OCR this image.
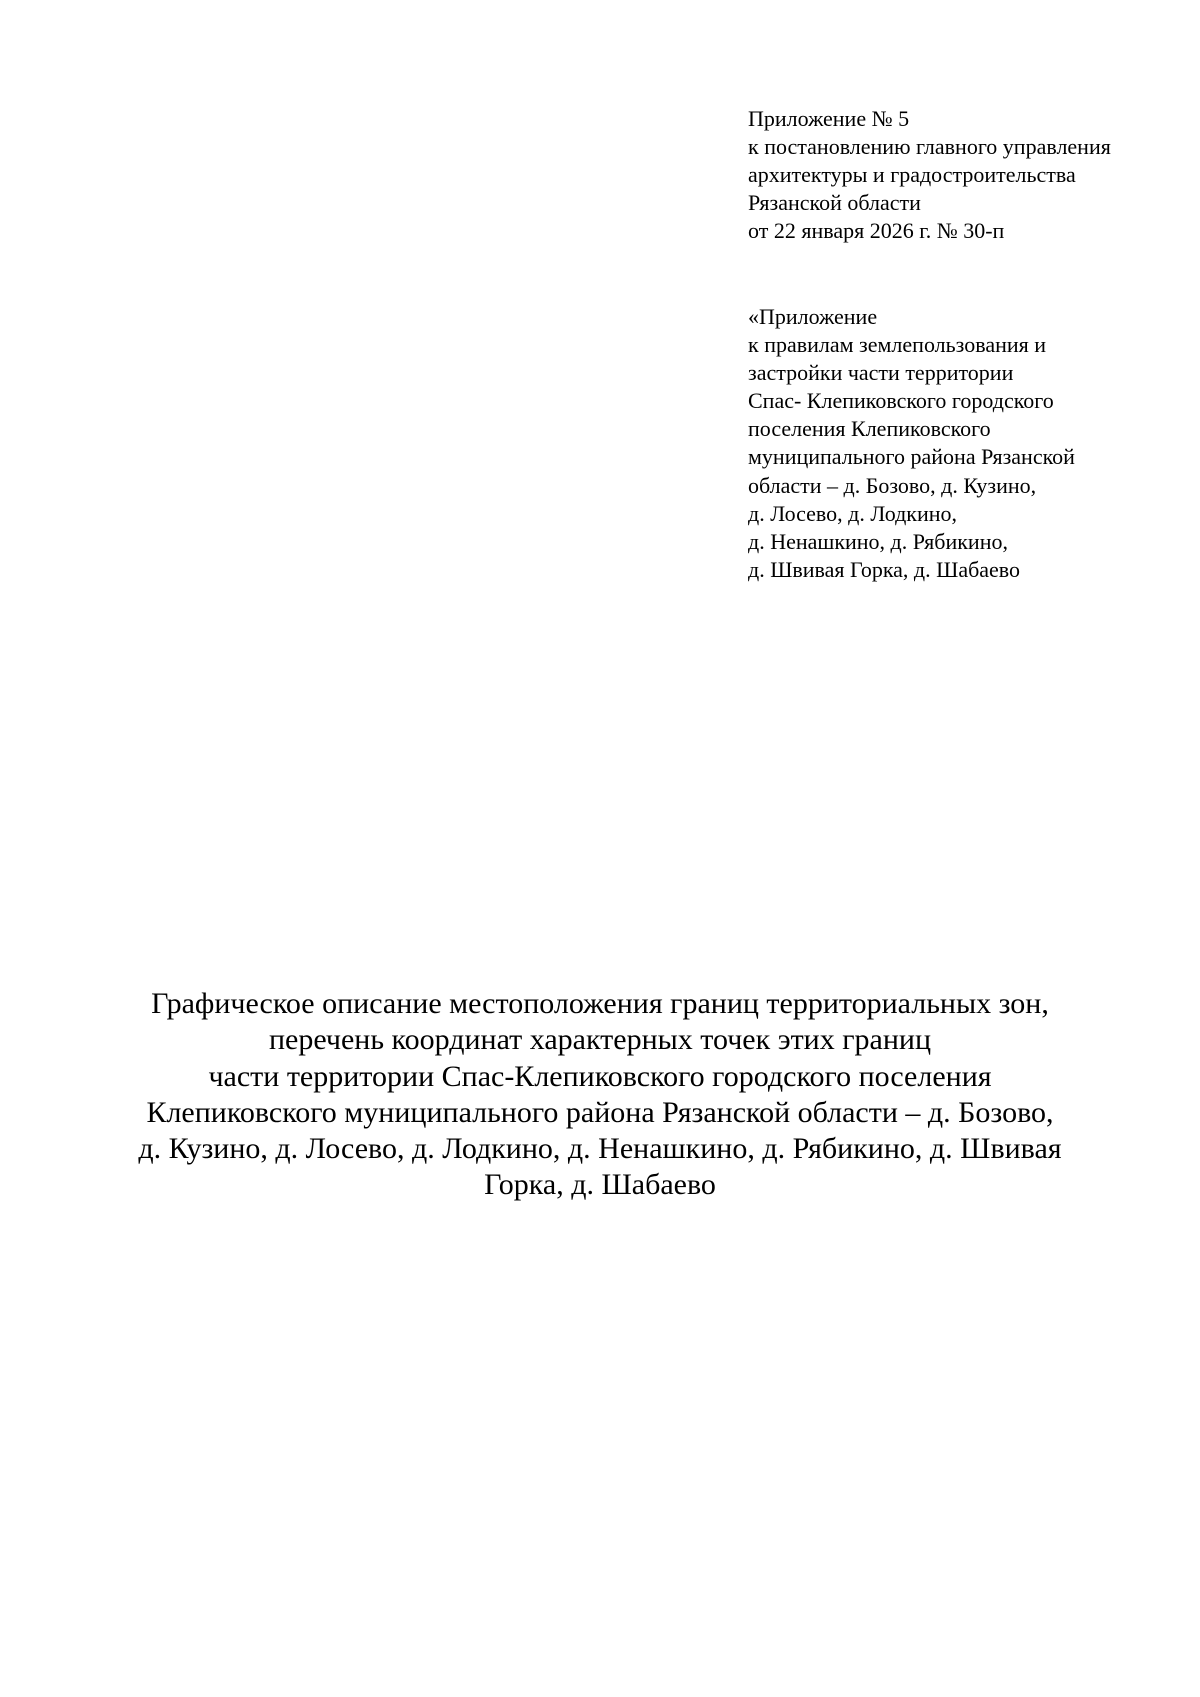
Приложение № 5
к постановлению главного управления
архитектуры и градостроительства
Рязанской области
от 22 января 2026 г. № 30-п
«Приложение
к правилам землепользования и
застройки части территории
Спас- Клепиковского городского
поселения Клепиковского
муниципального района Рязанской
области – д. Бозово, д. Кузино,
д. Лосево, д. Лодкино,
д. Ненашкино, д. Рябикино,
д. Швивая Горка, д. Шабаево
Графическое описание местоположения границ территориальных зон,
перечень координат характерных точек этих границ
части территории Спас-Клепиковского городского поселения
Клепиковского муниципального района Рязанской области – д. Бозово,
д. Кузино, д. Лосево, д. Лодкино, д. Ненашкино, д. Рябикино, д. Швивая
Горка, д. Шабаево
